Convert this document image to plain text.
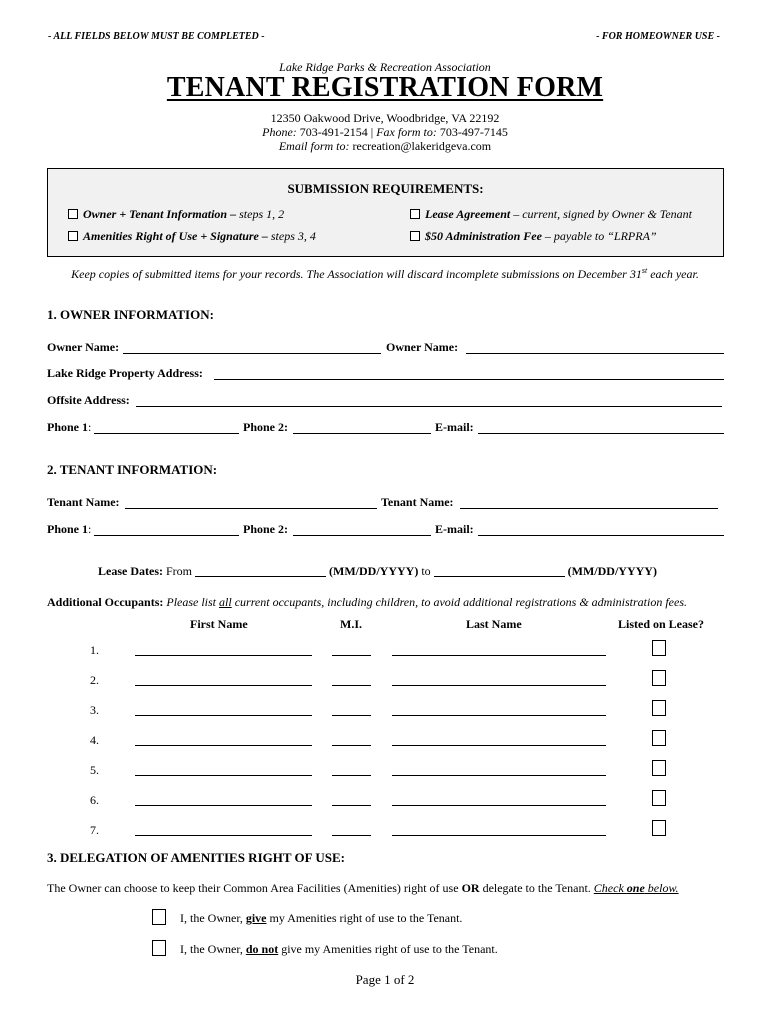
- ALL FIELDS BELOW MUST BE COMPLETED -	- FOR HOMEOWNER USE -
Lake Ridge Parks & Recreation Association
TENANT REGISTRATION FORM
12350 Oakwood Drive, Woodbridge, VA 22192
Phone: 703-491-2154 | Fax form to: 703-497-7145
Email form to: recreation@lakeridgeva.com
SUBMISSION REQUIREMENTS:
Owner + Tenant Information – steps 1, 2	Lease Agreement – current, signed by Owner & Tenant
Amenities Right of Use + Signature – steps 3, 4	$50 Administration Fee – payable to “LRPRA”
Keep copies of submitted items for your records. The Association will discard incomplete submissions on December 31st each year.
1. OWNER INFORMATION:
Owner Name:	Owner Name:
Lake Ridge Property Address:
Offsite Address:
Phone 1:	Phone 2:	E-mail:
2. TENANT INFORMATION:
Tenant Name:	Tenant Name:
Phone 1:	Phone 2:	E-mail:
Lease Dates: From	(MM/DD/YYYY) to	(MM/DD/YYYY)
Additional Occupants: Please list all current occupants, including children, to avoid additional registrations & administration fees.
First Name	M.I.	Last Name	Listed on Lease?
1.
2.
3.
4.
5.
6.
7.
3. DELEGATION OF AMENITIES RIGHT OF USE:
The Owner can choose to keep their Common Area Facilities (Amenities) right of use OR delegate to the Tenant. Check one below.
I, the Owner, give my Amenities right of use to the Tenant.
I, the Owner, do not give my Amenities right of use to the Tenant.
Page 1 of 2
